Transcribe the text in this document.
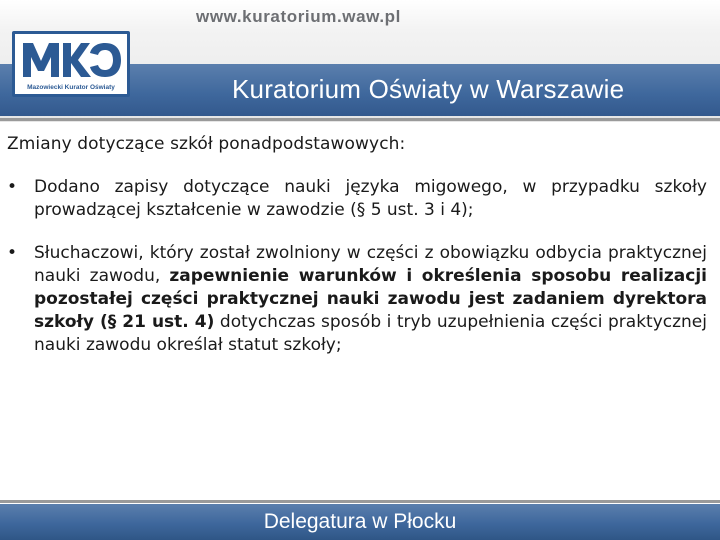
www.kuratorium.waw.pl
Kuratorium Oświaty w Warszawie
Mazowiecki Kurator Oświaty

Zmiany dotyczące szkół ponadpodstawowych:

• Dodano zapisy dotyczące nauki języka migowego, w przypadku szkoły prowadzącej kształcenie w zawodzie (§ 5 ust. 3 i 4);
• Słuchaczowi, który został zwolniony w części z obowiązku odbycia praktycznej nauki zawodu, zapewnienie warunków i określenia sposobu realizacji pozostałej części praktycznej nauki zawodu jest zadaniem dyrektora szkoły (§ 21 ust. 4) dotychczas sposób i tryb uzupełnienia części praktycznej nauki zawodu określał statut szkoły;
Delegatura w Płocku
